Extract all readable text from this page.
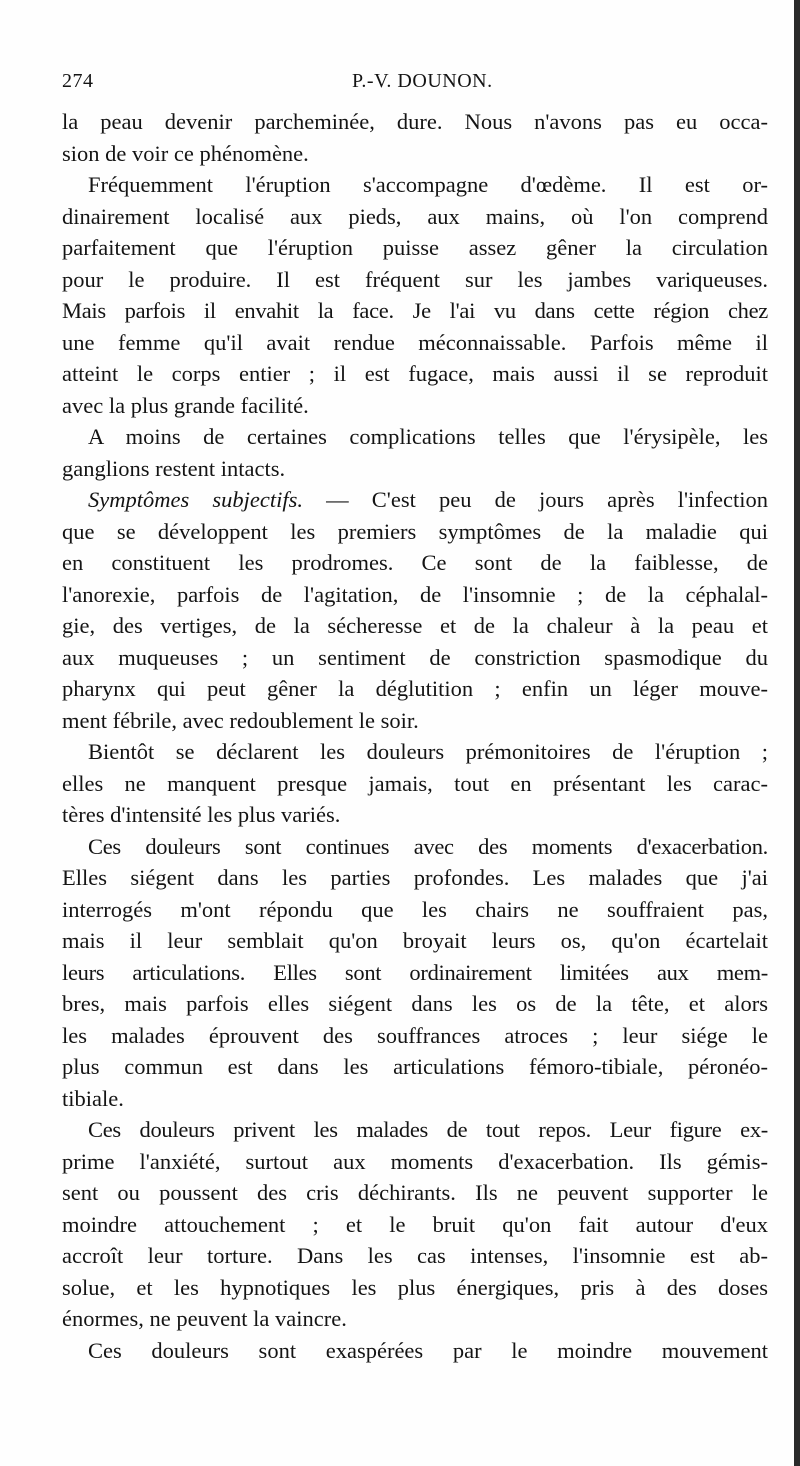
274	P.-V. DOUNON.
la peau devenir parcheminée, dure. Nous n'avons pas eu occa-
sion de voir ce phénomène.
Fréquemment l'éruption s'accompagne d'œdème. Il est or-
dinairement localisé aux pieds, aux mains, où l'on comprend
parfaitement que l'éruption puisse assez gêner la circulation
pour le produire. Il est fréquent sur les jambes variqueuses.
Mais parfois il envahit la face. Je l'ai vu dans cette région chez
une femme qu'il avait rendue méconnaissable. Parfois même il
atteint le corps entier ; il est fugace, mais aussi il se reproduit
avec la plus grande facilité.
A moins de certaines complications telles que l'érysipèle, les
ganglions restent intacts.
Symptômes subjectifs. — C'est peu de jours après l'infection
que se développent les premiers symptômes de la maladie qui
en constituent les prodromes. Ce sont de la faiblesse, de
l'anorexie, parfois de l'agitation, de l'insomnie ; de la céphalal-
gie, des vertiges, de la sécheresse et de la chaleur à la peau et
aux muqueuses ; un sentiment de constriction spasmodique du
pharynx qui peut gêner la déglutition ; enfin un léger mouve-
ment fébrile, avec redoublement le soir.
Bientôt se déclarent les douleurs prémonitoires de l'éruption ;
elles ne manquent presque jamais, tout en présentant les carac-
tères d'intensité les plus variés.
Ces douleurs sont continues avec des moments d'exacerbation.
Elles siégent dans les parties profondes. Les malades que j'ai
interrogés m'ont répondu que les chairs ne souffraient pas,
mais il leur semblait qu'on broyait leurs os, qu'on écartelait
leurs articulations. Elles sont ordinairement limitées aux mem-
bres, mais parfois elles siégent dans les os de la tête, et alors
les malades éprouvent des souffrances atroces ; leur siége le
plus commun est dans les articulations fémoro-tibiale, péronéo-
tibiale.
Ces douleurs privent les malades de tout repos. Leur figure ex-
prime l'anxiété, surtout aux moments d'exacerbation. Ils gémis-
sent ou poussent des cris déchirants. Ils ne peuvent supporter le
moindre attouchement ; et le bruit qu'on fait autour d'eux
accroît leur torture. Dans les cas intenses, l'insomnie est ab-
solue, et les hypnotiques les plus énergiques, pris à des doses
énormes, ne peuvent la vaincre.
Ces douleurs sont exaspérées par le moindre mouvement
